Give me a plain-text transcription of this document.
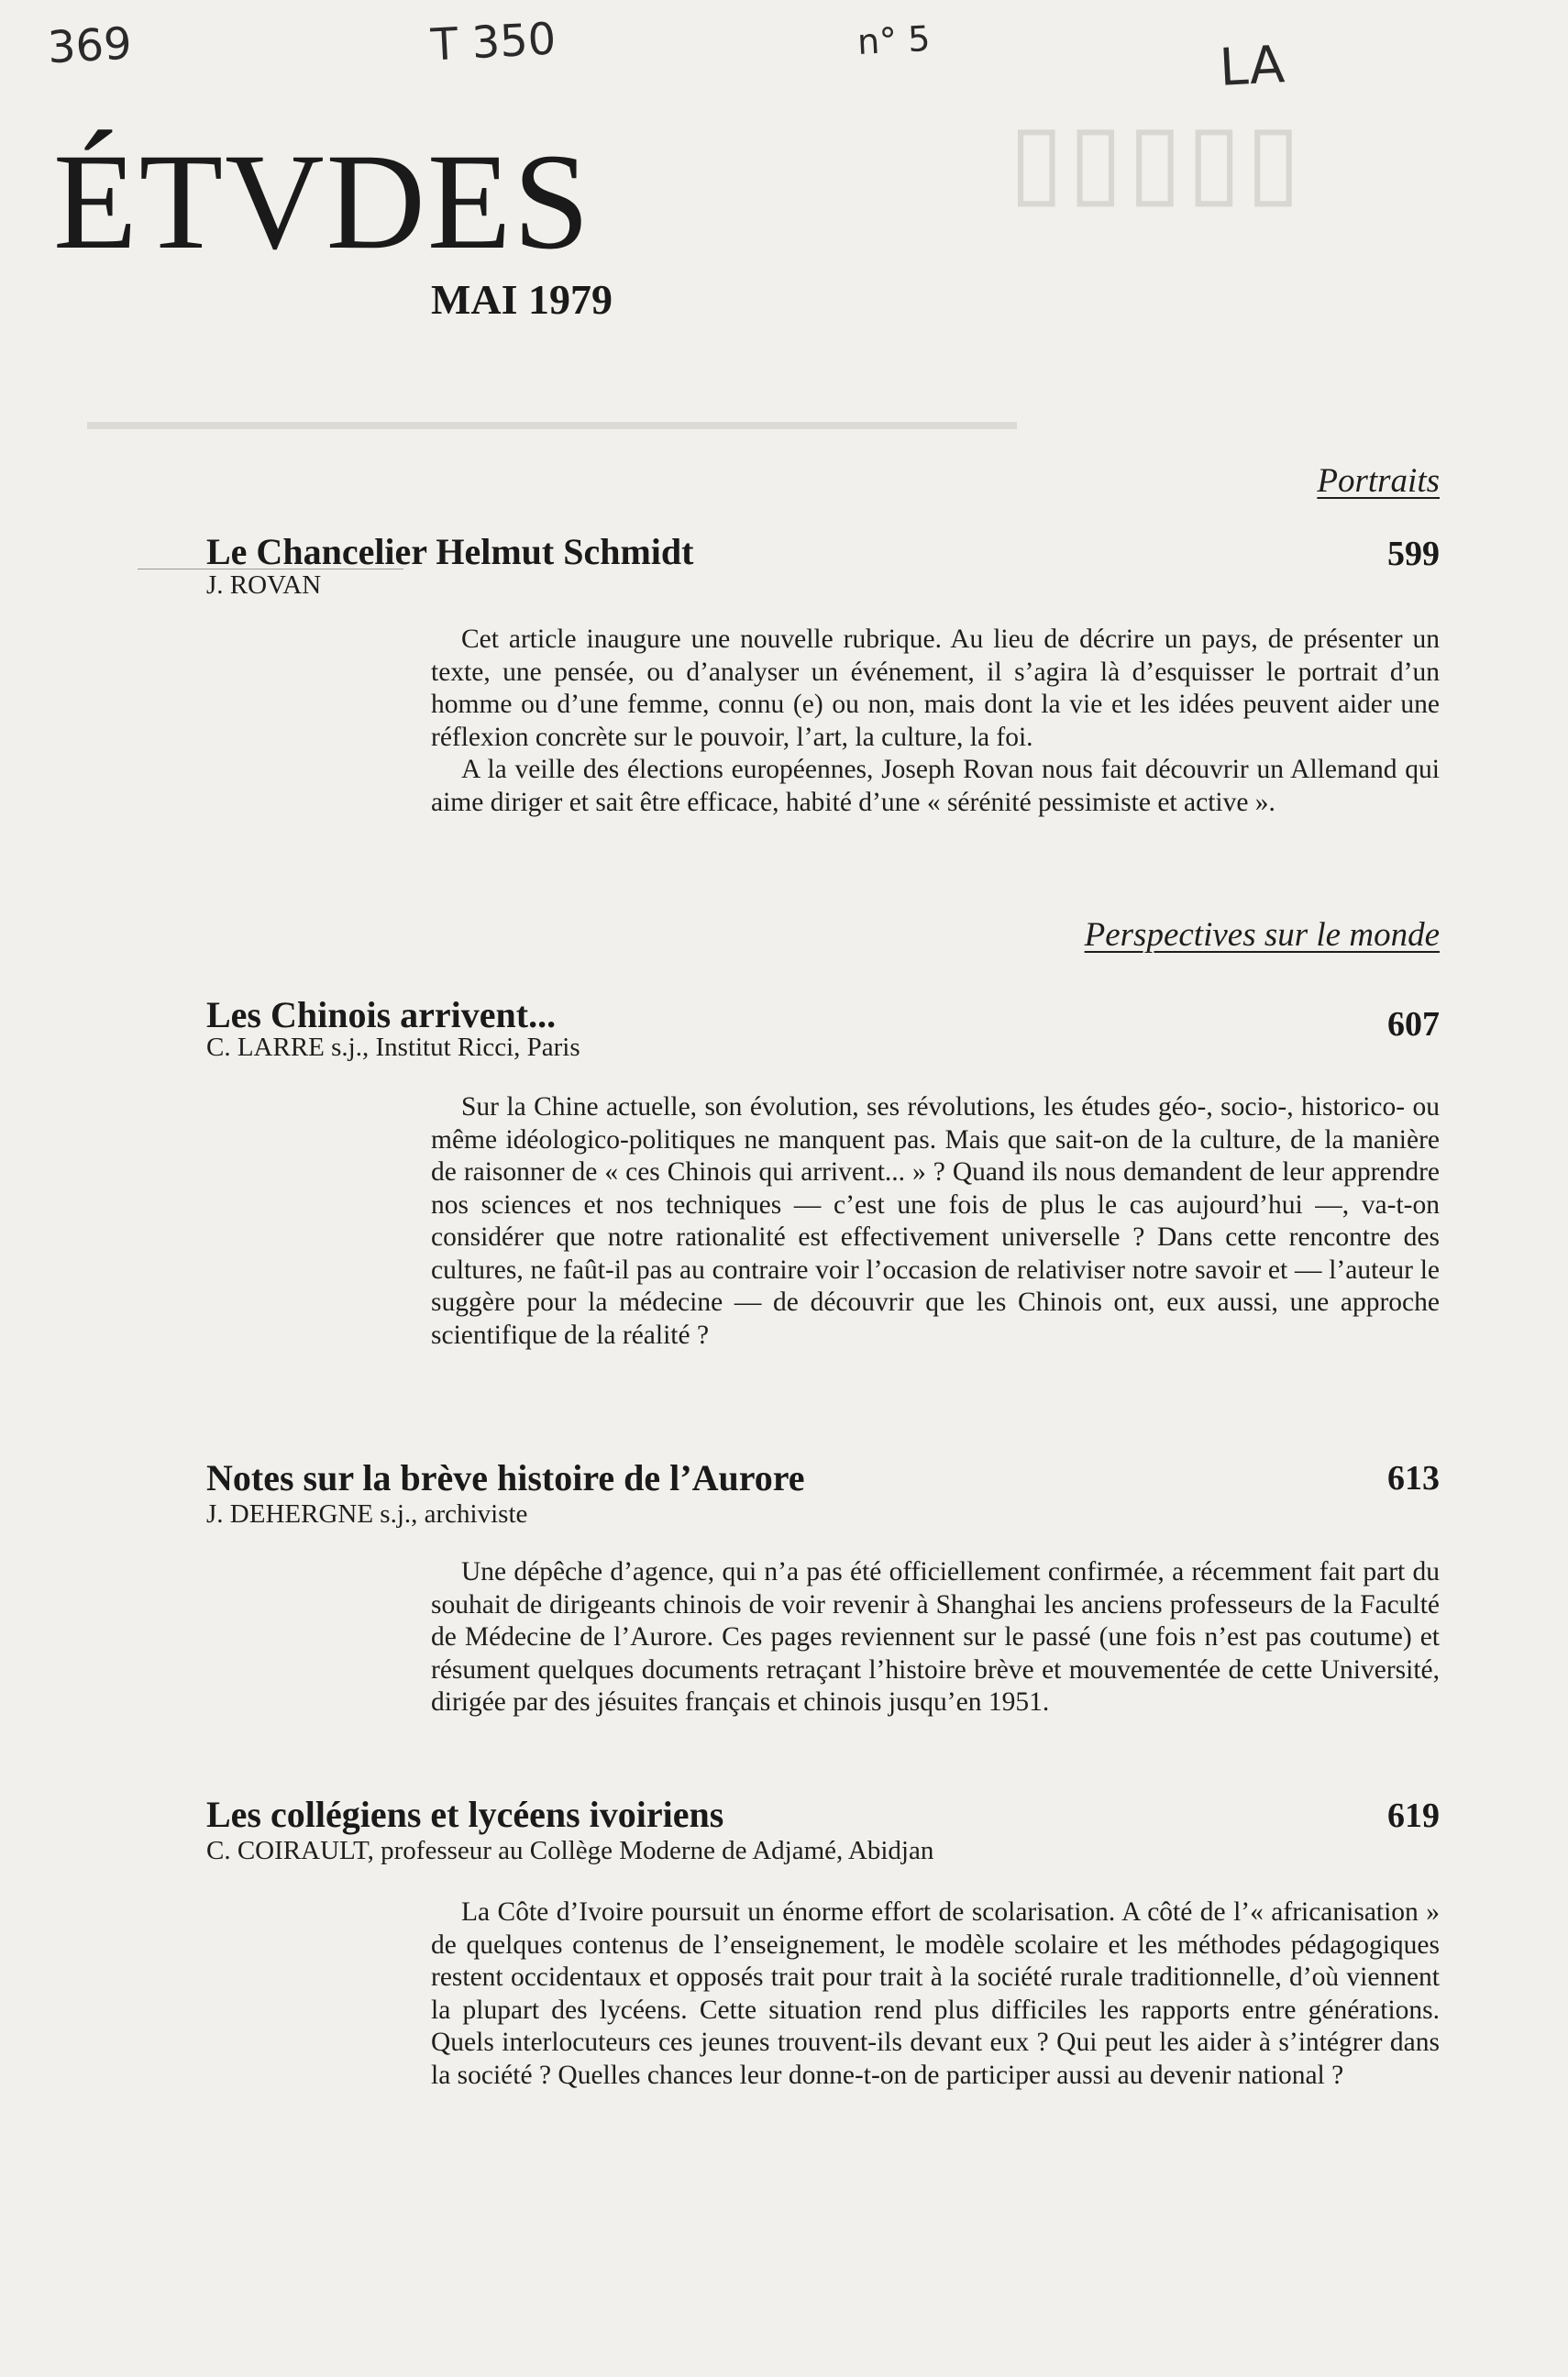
▯▯▯▯▯
▬▬▬▬▬▬▬▬▬▬▬▬▬▬▬▬▬▬▬▬▬▬▬▬▬▬▬▬▬▬▬▬▬▬▬▬▬▬▬
369	T 350	n° 5	LA
ÉTVDES
MAI 1979
Portraits
Le Chancelier Helmut Schmidt	599
J. ROVAN

Cet article inaugure une nouvelle rubrique. Au lieu de décrire un pays, de présenter un texte, une pensée, ou d’analyser un événement, il s’agira là d’esquisser le portrait d’un homme ou d’une femme, connu (e) ou non, mais dont la vie et les idées peuvent aider une réflexion concrète sur le pouvoir, l’art, la culture, la foi.

A la veille des élections européennes, Joseph Rovan nous fait découvrir un Allemand qui aime diriger et sait être efficace, habité d’une « sérénité pessimiste et active ».

Perspectives sur le monde
Les Chinois arrivent...	607
C. LARRE s.j., Institut Ricci, Paris

Sur la Chine actuelle, son évolution, ses révolutions, les études géo-, socio-, historico- ou même idéologico-politiques ne manquent pas. Mais que sait-on de la culture, de la manière de raisonner de « ces Chinois qui arrivent... » ? Quand ils nous demandent de leur apprendre nos sciences et nos techniques — c’est une fois de plus le cas aujourd’hui —, va-t-on considérer que notre rationalité est effectivement universelle ? Dans cette rencontre des cultures, ne faût-il pas au contraire voir l’occasion de relativiser notre savoir et — l’auteur le suggère pour la médecine — de découvrir que les Chinois ont, eux aussi, une approche scientifique de la réalité ?

Notes sur la brève histoire de l’Aurore	613
J. DEHERGNE s.j., archiviste

Une dépêche d’agence, qui n’a pas été officiellement confirmée, a récemment fait part du souhait de dirigeants chinois de voir revenir à Shanghai les anciens professeurs de la Faculté de Médecine de l’Aurore. Ces pages reviennent sur le passé (une fois n’est pas coutume) et résument quelques documents retraçant l’histoire brève et mouvementée de cette Université, dirigée par des jésuites français et chinois jusqu’en 1951.

Les collégiens et lycéens ivoiriens	619
C. COIRAULT, professeur au Collège Moderne de Adjamé, Abidjan

La Côte d’Ivoire poursuit un énorme effort de scolarisation. A côté de l’« africanisation » de quelques contenus de l’enseignement, le modèle scolaire et les méthodes pédagogiques restent occidentaux et opposés trait pour trait à la société rurale traditionnelle, d’où viennent la plupart des lycéens. Cette situation rend plus difficiles les rapports entre générations. Quels interlocuteurs ces jeunes trouvent-ils devant eux ? Qui peut les aider à s’intégrer dans la société ? Quelles chances leur donne-t-on de participer aussi au devenir national ?
